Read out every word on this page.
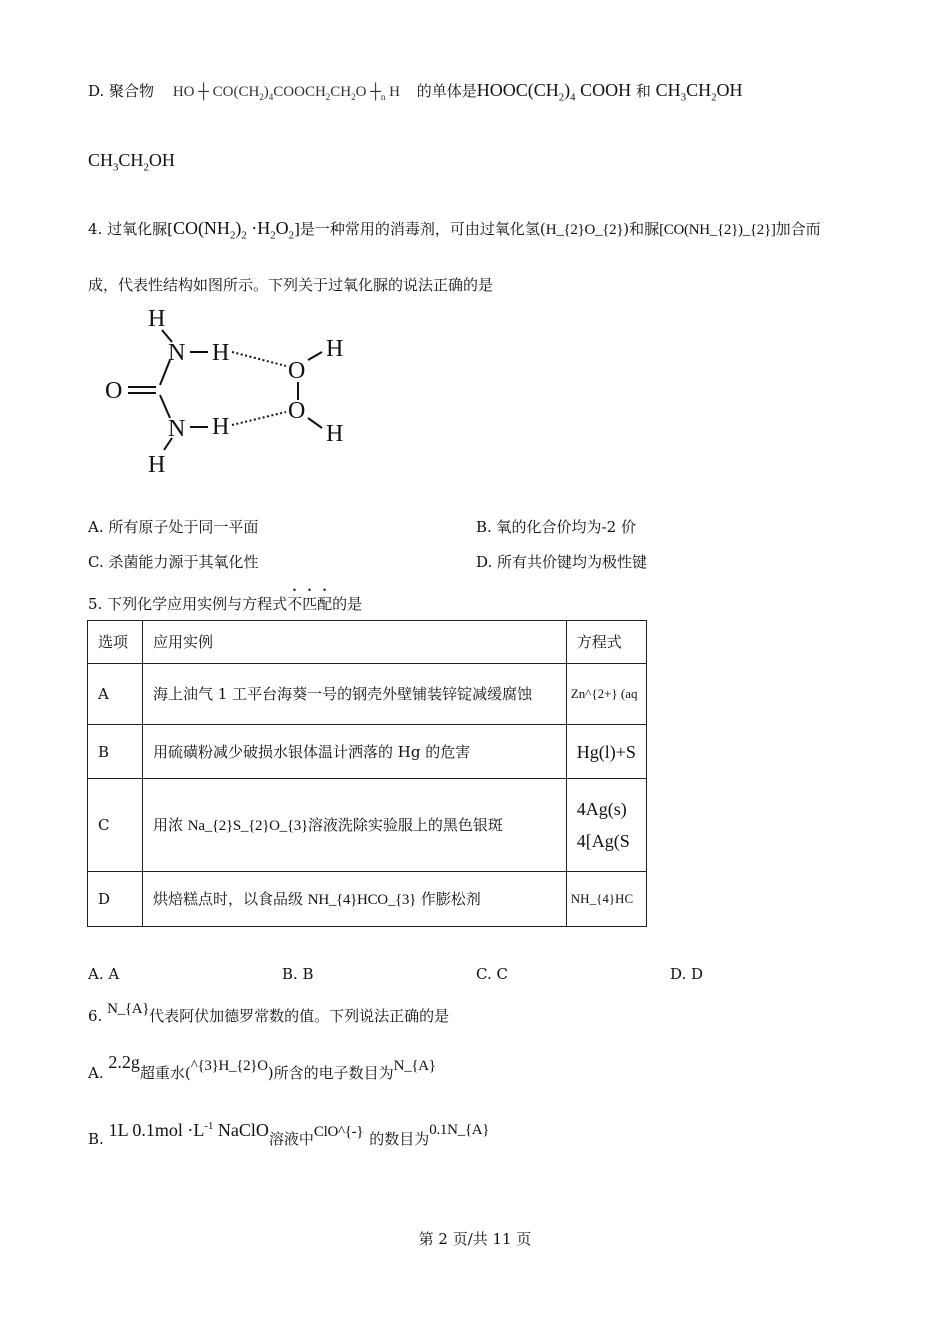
D. 聚合物 HO ┼ $CO(CH_2)_4COOCH_2CH_2O$ $┼_n$ H 的单体是$HOOC(CH_2)_4$ COOH 和 $CH_3CH_2OH$
$CH_3CH_2OH$
4. 过氧化脲$[CO(NH_2)_2 \cdot H_2O_2]$是一种常用的消毒剂，可由过氧化氢(H_{2}O_{2})和脲[CO(NH_{2})_{2}]加合而
成，代表性结构如图所示。下列关于过氧化脲的说法正确的是
H
N H
O
H
O
N H
O
H
H
A. 所有原子处于同一平面	B. 氧的化合价均为-2 价
C. 杀菌能力源于其氧化性	D. 所有共价键均为极性键
5. 下列化学应用实例与方程式不匹配的是
选项	应用实例	方程式
A	海上油气 1 工平台海葵一号的钢壳外壁铺装锌锭减缓腐蚀	Zn^{2+} (aq
B	用硫磺粉减少破损水银体温计洒落的 Hg 的危害	Hg(l)+S
C	用浓 Na_{2}S_{2}O_{3}溶液洗除实验服上的黑色银斑	4Ag(s)
4[Ag(S

D	烘焙糕点时，以食品级 NH_{4}HCO_{3} 作膨松剂	NH_{4}HC
A. A	B. B	C. C	D. D
6. N_{A}代表阿伏加德罗常数的值。下列说法正确的是
A. 2.2g超重水(^{3}H_{2}O)所含的电子数目为N_{A}
B. 1L $0.1mol \cdot L^{-1}$ NaClO溶液中ClO^{-} 的数目为0.1N_{A}
第 2 页/共 11 页
